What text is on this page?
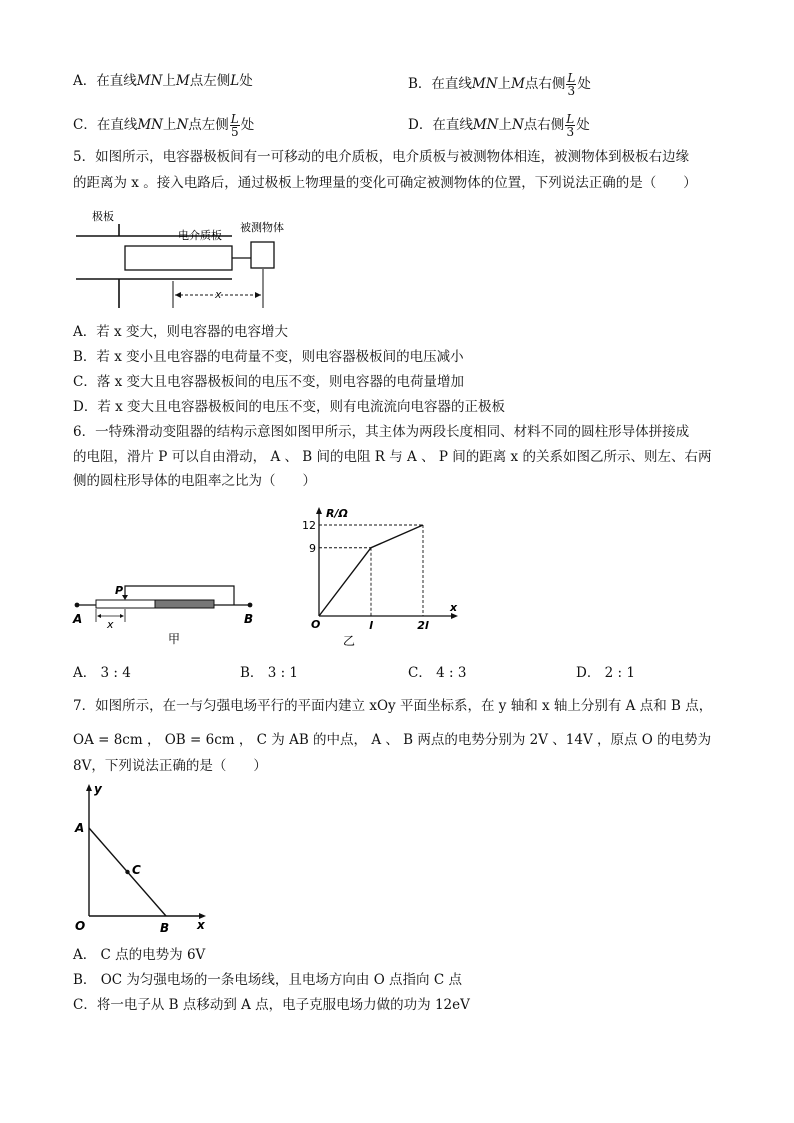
A．在直线MN上M点左侧L处	B．在直线MN上M点右侧 $\frac{L}{3}$ 处
C．在直线MN上N点左侧 $\frac{L}{5}$ 处	D．在直线MN上N点右侧 $\frac{L}{3}$ 处
5．如图所示，电容器极板间有一可移动的电介质板，电介质板与被测物体相连，被测物体到极板右边缘
的距离为 x 。接入电路后，通过极板上物理量的变化可确定被测物体的位置，下列说法正确的是（　　）
极板
电介质板
被测物体
x
A．若 x 变大，则电容器的电容增大
B．若 x 变小且电容器的电荷量不变，则电容器极板间的电压减小
C．落 x 变大且电容器极板间的电压不变，则电容器的电荷量增加
D．若 x 变大且电容器极板间的电压不变，则有电流流向电容器的正极板
6．一特殊滑动变阻器的结构示意图如图甲所示，其主体为两段长度相同、材料不同的圆柱形导体拼接成
的电阻，滑片 P 可以自由滑动， A 、 B 间的电阻 R 与 A 、 P 间的距离 x 的关系如图乙所示、则左、右两
侧的圆柱形导体的电阻率之比为（　　）
A	B
P
x
甲
9
12
l	2l
R/Ω
x
O
乙
A． 3 : 4	B． 3 : 1	C． 4 : 3	D． 2 : 1
7．如图所示，在一与匀强电场平行的平面内建立 xOy 平面坐标系，在 y 轴和 x 轴上分别有 A 点和 B 点，
OA = 8cm ， OB = 6cm ， C 为 AB 的中点， A 、 B 两点的电势分别为 2V 、14V ，原点 O 的电势为
8V，下列说法正确的是（　　）
y
x
O
A
B
C
A． C 点的电势为 6V
B． OC 为匀强电场的一条电场线，且电场方向由 O 点指向 C 点
C．将一电子从 B 点移动到 A 点，电子克服电场力做的功为 12eV
